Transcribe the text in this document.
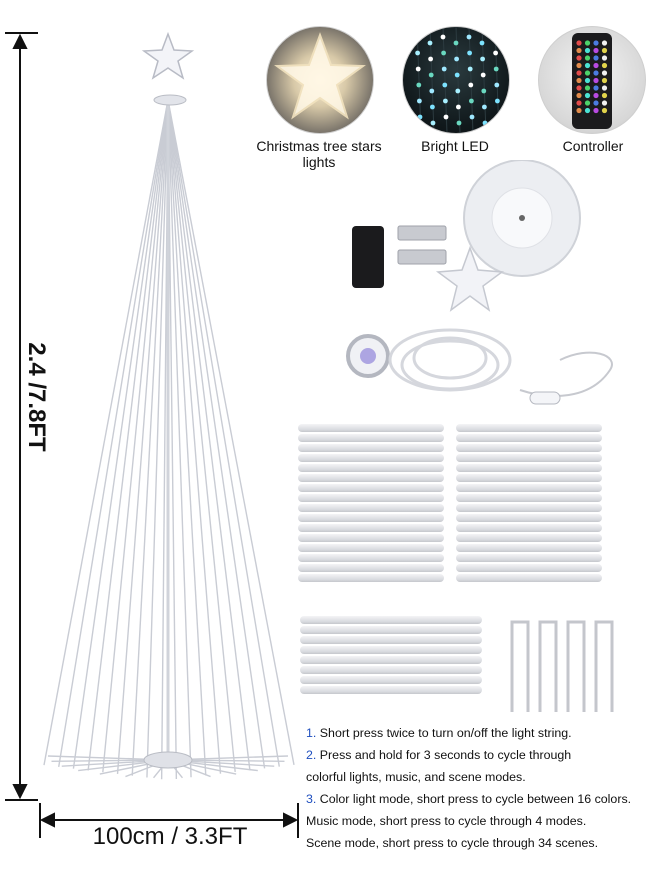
2.4 /7.8FT
100cm / 3.3FT
Christmas tree stars lights
Bright LED	Controller
1. Short press twice to turn on/off the light string.
2. Press and hold for 3 seconds to cycle through
colorful lights, music, and scene modes.
3. Color light mode, short press to cycle between 16 colors.
Music mode, short press to cycle through 4 modes.
Scene mode, short press to cycle through 34 scenes.
